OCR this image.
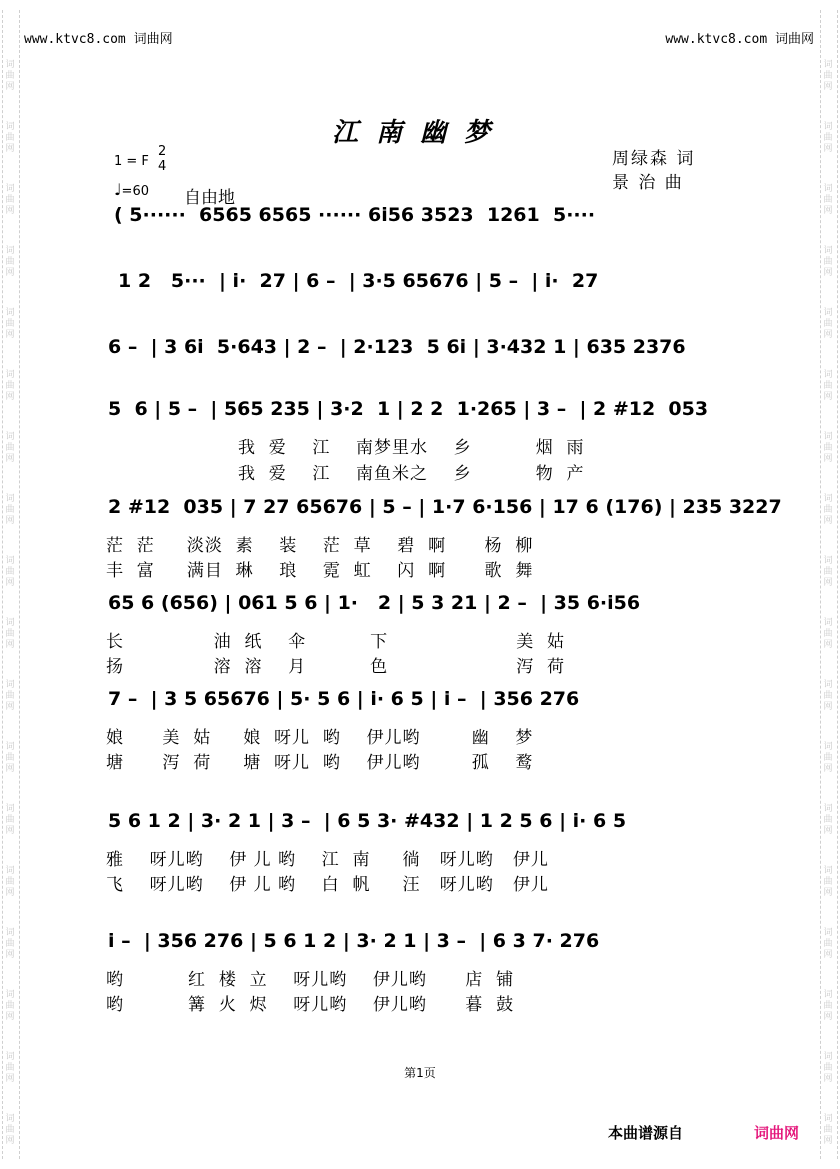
www.ktvc8.com 词曲网	www.ktvc8.com 词曲网
江南幽梦
1 = F
2
4
♩=60 自由地
周绿森 词
景 治 曲
( 5······  6565 6565 ······ 6i56 3523  1261  5····
1 2   5···  | i·  27 | 6 –  | 3·5 65676 | 5 –  | i·  27
6 –  | 3 6i  5·643 | 2 –  | 2·123  5 6i | 3·432 1 | 635 2376
5  6 | 5 –  | 565 235 | 3·2  1 | 2 2  1·265 | 3 –  | 2 #12  053
我  爱    江    南梦里水    乡          烟  雨
我  爱    江    南鱼米之    乡          物  产
2 #12  035 | 7 27 65676 | 5 – | 1·7 6·156 | 17 6 (176) | 235 3227
茫  茫     淡淡  素    装    茫  草    碧  啊      杨  柳
丰  富     满目  琳    琅    霓  虹    闪  啊      歌  舞
65 6 (656) | 061 5 6 | 1·   2 | 5 3 21 | 2 –  | 35 6·i56
长              油  纸    伞          下                    美  姑
扬              溶  溶    月          色                    泻  荷
7 –  | 3 5 65676 | 5· 5 6 | i· 6 5 | i –  | 356 276
娘      美  姑     娘  呀儿  哟    伊儿哟        幽    梦
塘      泻  荷     塘  呀儿  哟    伊儿哟        孤    鹜
5 6 1 2 | 3· 2 1 | 3 –  | 6 5 3· #432 | 1 2 5 6 | i· 6 5
雅    呀儿哟    伊 儿 哟    江  南     徜   呀儿哟   伊儿
飞    呀儿哟    伊 儿 哟    白  帆     汪   呀儿哟   伊儿
i –  | 356 276 | 5 6 1 2 | 3· 2 1 | 3 –  | 6 3 7· 276
哟          红  楼  立    呀儿哟    伊儿哟      店  铺
哟          篝  火  烬    呀儿哟    伊儿哟      暮  鼓
第1页
本曲谱源自	词曲网
词
曲
网
词
曲
网
词
曲
网
词
曲
网
词
曲
网
词
曲
网
词
曲
网
词
曲
网
词
曲
网
词
曲
网
词
曲
网
词
曲
网
词
曲
网
词
曲
网
词
曲
网
词
曲
网
词
曲
网
词
曲
网
词
曲
网
词
曲
网
词
曲
网
词
曲
网
词
曲
网
词
曲
网
词
曲
网
词
曲
网
词
曲
网
词
曲
网
词
曲
网
词
曲
网
词
曲
网
词
曲
网
词
曲
网
词
曲
网
词
曲
网
词
曲
网
